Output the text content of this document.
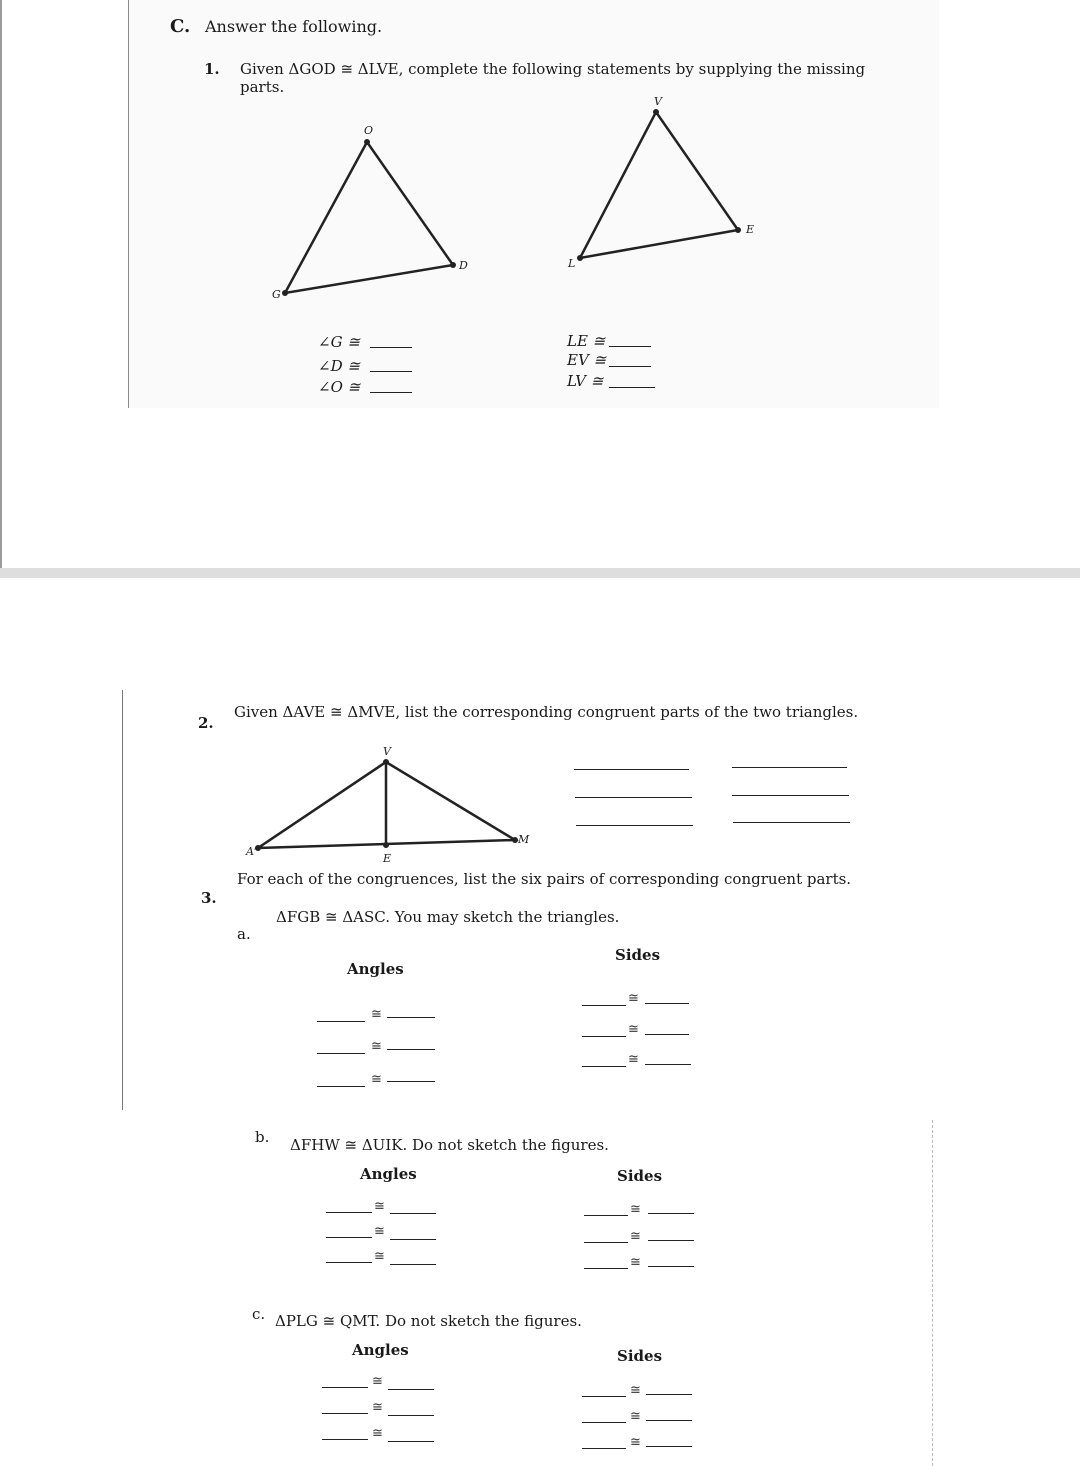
C. Answer the following.
1. Given ΔGOD ≅ ΔLVE, complete the following statements by supplying the missing
parts.
O
G
D
V
E
L
∠G ≅
∠D ≅
∠O ≅
LE ≅
EV ≅
LV ≅
2.
Given ΔAVE ≅ ΔMVE, list the corresponding congruent parts of the two triangles.
V
A
E
M
3.
For each of the congruences, list the six pairs of corresponding congruent parts.
a.
ΔFGB ≅ ΔASC. You may sketch the triangles.
Angles
Sides
≅
≅
≅
≅
≅
≅
b. ΔFHW ≅ ΔUIK. Do not sketch the figures.
Angles	Sides
≅
≅
≅
≅
≅
≅
c. ΔPLG ≅ QMT. Do not sketch the figures.
Angles	Sides
≅
≅
≅
≅
≅
≅
